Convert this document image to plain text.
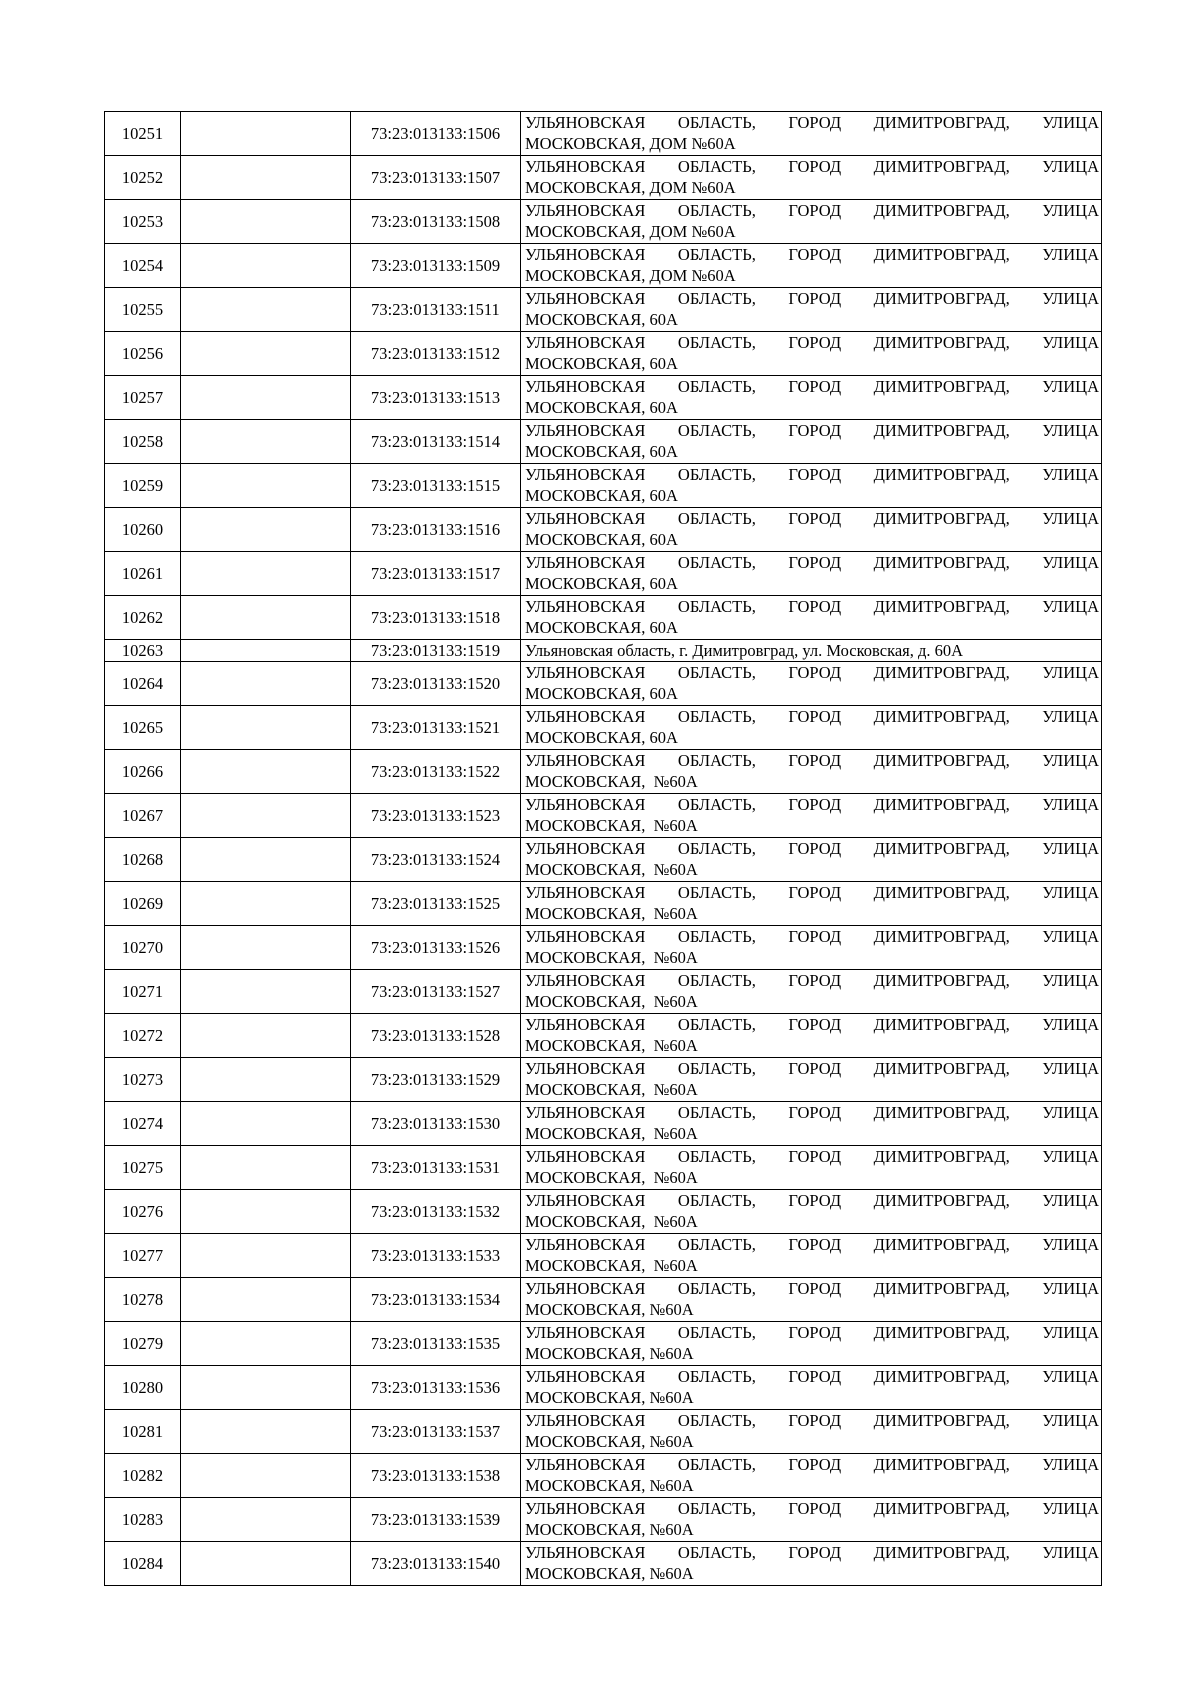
10251		73:23:013133:1506	УЛЬЯНОВСКАЯ ОБЛАСТЬ, ГОРОД ДИМИТРОВГРАД, УЛИЦА
МОСКОВСКАЯ, ДОМ №60А

10252		73:23:013133:1507	УЛЬЯНОВСКАЯ ОБЛАСТЬ, ГОРОД ДИМИТРОВГРАД, УЛИЦА
МОСКОВСКАЯ, ДОМ №60А

10253		73:23:013133:1508	УЛЬЯНОВСКАЯ ОБЛАСТЬ, ГОРОД ДИМИТРОВГРАД, УЛИЦА
МОСКОВСКАЯ, ДОМ №60А

10254		73:23:013133:1509	УЛЬЯНОВСКАЯ ОБЛАСТЬ, ГОРОД ДИМИТРОВГРАД, УЛИЦА
МОСКОВСКАЯ, ДОМ №60А

10255		73:23:013133:1511	УЛЬЯНОВСКАЯ ОБЛАСТЬ, ГОРОД ДИМИТРОВГРАД, УЛИЦА
МОСКОВСКАЯ, 60А

10256		73:23:013133:1512	УЛЬЯНОВСКАЯ ОБЛАСТЬ, ГОРОД ДИМИТРОВГРАД, УЛИЦА
МОСКОВСКАЯ, 60А

10257		73:23:013133:1513	УЛЬЯНОВСКАЯ ОБЛАСТЬ, ГОРОД ДИМИТРОВГРАД, УЛИЦА
МОСКОВСКАЯ, 60А

10258		73:23:013133:1514	УЛЬЯНОВСКАЯ ОБЛАСТЬ, ГОРОД ДИМИТРОВГРАД, УЛИЦА
МОСКОВСКАЯ, 60А

10259		73:23:013133:1515	УЛЬЯНОВСКАЯ ОБЛАСТЬ, ГОРОД ДИМИТРОВГРАД, УЛИЦА
МОСКОВСКАЯ, 60А

10260		73:23:013133:1516	УЛЬЯНОВСКАЯ ОБЛАСТЬ, ГОРОД ДИМИТРОВГРАД, УЛИЦА
МОСКОВСКАЯ, 60А

10261		73:23:013133:1517	УЛЬЯНОВСКАЯ ОБЛАСТЬ, ГОРОД ДИМИТРОВГРАД, УЛИЦА
МОСКОВСКАЯ, 60А

10262		73:23:013133:1518	УЛЬЯНОВСКАЯ ОБЛАСТЬ, ГОРОД ДИМИТРОВГРАД, УЛИЦА
МОСКОВСКАЯ, 60А

10263		73:23:013133:1519	Ульяновская область, г. Димитровград, ул. Московская, д. 60А
10264		73:23:013133:1520	УЛЬЯНОВСКАЯ ОБЛАСТЬ, ГОРОД ДИМИТРОВГРАД, УЛИЦА
МОСКОВСКАЯ, 60А

10265		73:23:013133:1521	УЛЬЯНОВСКАЯ ОБЛАСТЬ, ГОРОД ДИМИТРОВГРАД, УЛИЦА
МОСКОВСКАЯ, 60А

10266		73:23:013133:1522	УЛЬЯНОВСКАЯ ОБЛАСТЬ, ГОРОД ДИМИТРОВГРАД, УЛИЦА
МОСКОВСКАЯ,  №60А

10267		73:23:013133:1523	УЛЬЯНОВСКАЯ ОБЛАСТЬ, ГОРОД ДИМИТРОВГРАД, УЛИЦА
МОСКОВСКАЯ,  №60А

10268		73:23:013133:1524	УЛЬЯНОВСКАЯ ОБЛАСТЬ, ГОРОД ДИМИТРОВГРАД, УЛИЦА
МОСКОВСКАЯ,  №60А

10269		73:23:013133:1525	УЛЬЯНОВСКАЯ ОБЛАСТЬ, ГОРОД ДИМИТРОВГРАД, УЛИЦА
МОСКОВСКАЯ,  №60А

10270		73:23:013133:1526	УЛЬЯНОВСКАЯ ОБЛАСТЬ, ГОРОД ДИМИТРОВГРАД, УЛИЦА
МОСКОВСКАЯ,  №60А

10271		73:23:013133:1527	УЛЬЯНОВСКАЯ ОБЛАСТЬ, ГОРОД ДИМИТРОВГРАД, УЛИЦА
МОСКОВСКАЯ,  №60А

10272		73:23:013133:1528	УЛЬЯНОВСКАЯ ОБЛАСТЬ, ГОРОД ДИМИТРОВГРАД, УЛИЦА
МОСКОВСКАЯ,  №60А

10273		73:23:013133:1529	УЛЬЯНОВСКАЯ ОБЛАСТЬ, ГОРОД ДИМИТРОВГРАД, УЛИЦА
МОСКОВСКАЯ,  №60А

10274		73:23:013133:1530	УЛЬЯНОВСКАЯ ОБЛАСТЬ, ГОРОД ДИМИТРОВГРАД, УЛИЦА
МОСКОВСКАЯ,  №60А

10275		73:23:013133:1531	УЛЬЯНОВСКАЯ ОБЛАСТЬ, ГОРОД ДИМИТРОВГРАД, УЛИЦА
МОСКОВСКАЯ,  №60А

10276		73:23:013133:1532	УЛЬЯНОВСКАЯ ОБЛАСТЬ, ГОРОД ДИМИТРОВГРАД, УЛИЦА
МОСКОВСКАЯ,  №60А

10277		73:23:013133:1533	УЛЬЯНОВСКАЯ ОБЛАСТЬ, ГОРОД ДИМИТРОВГРАД, УЛИЦА
МОСКОВСКАЯ,  №60А

10278		73:23:013133:1534	УЛЬЯНОВСКАЯ ОБЛАСТЬ, ГОРОД ДИМИТРОВГРАД, УЛИЦА
МОСКОВСКАЯ, №60А

10279		73:23:013133:1535	УЛЬЯНОВСКАЯ ОБЛАСТЬ, ГОРОД ДИМИТРОВГРАД, УЛИЦА
МОСКОВСКАЯ, №60А

10280		73:23:013133:1536	УЛЬЯНОВСКАЯ ОБЛАСТЬ, ГОРОД ДИМИТРОВГРАД, УЛИЦА
МОСКОВСКАЯ, №60А

10281		73:23:013133:1537	УЛЬЯНОВСКАЯ ОБЛАСТЬ, ГОРОД ДИМИТРОВГРАД, УЛИЦА
МОСКОВСКАЯ, №60А

10282		73:23:013133:1538	УЛЬЯНОВСКАЯ ОБЛАСТЬ, ГОРОД ДИМИТРОВГРАД, УЛИЦА
МОСКОВСКАЯ, №60А

10283		73:23:013133:1539	УЛЬЯНОВСКАЯ ОБЛАСТЬ, ГОРОД ДИМИТРОВГРАД, УЛИЦА
МОСКОВСКАЯ, №60А

10284		73:23:013133:1540	УЛЬЯНОВСКАЯ ОБЛАСТЬ, ГОРОД ДИМИТРОВГРАД, УЛИЦА
МОСКОВСКАЯ, №60А
